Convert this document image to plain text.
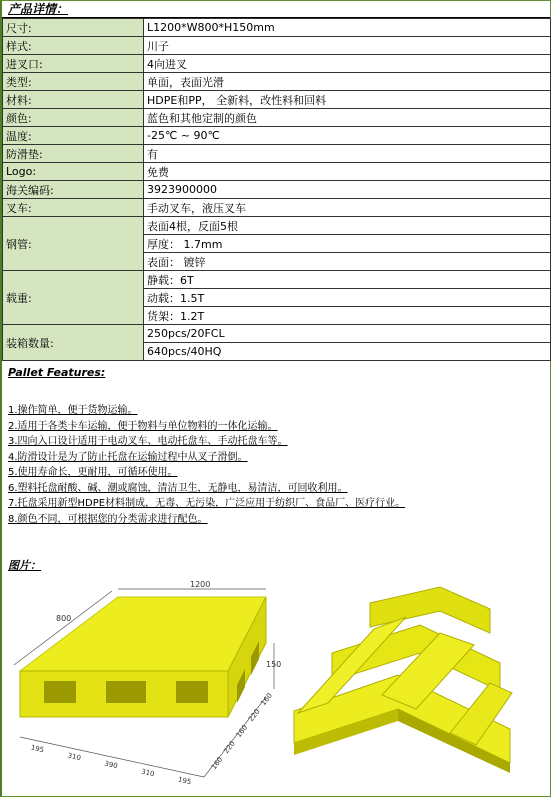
产品详情：
尺寸:	L1200*W800*H150mm
样式:	川子
进叉口:	4向进叉
类型:	单面，表面光滑
材料:	HDPE和PP， 全新料，改性料和回料
颜色:	蓝色和其他定制的颜色
温度:	-25℃ ~ 90℃
防滑垫:	有
Logo:	免费
海关编码:	3923900000
叉车:	手动叉车，液压叉车
钢管:	表面4根，反面5根
	厚度： 1.7mm
	表面： 镀锌
载重:	静载：6T
	动载：1.5T
	货架：1.2T
装箱数量:	250pcs/20FCL
	640pcs/40HQ
Pallet Features:
1.操作简单，便于货物运输。
2.适用于各类卡车运输，便于物料与单位物料的一体化运输。
3.四向入口设计适用于电动叉车、电动托盘车、手动托盘车等。
4.防滑设计是为了防止托盘在运输过程中从叉子滑倒。
5.使用寿命长，更耐用，可循环使用。
6.塑料托盘耐酸、碱、潮或腐蚀，清洁卫生，无静电，易清洁，可回收利用。
7.托盘采用新型HDPE材料制成，无毒、无污染，广泛应用于纺织厂、食品厂、医疗行业。
8.颜色不同，可根据您的分类需求进行配色。
图片：
1200
800
150
195
310
390
310
195
160
220
160
220
160
